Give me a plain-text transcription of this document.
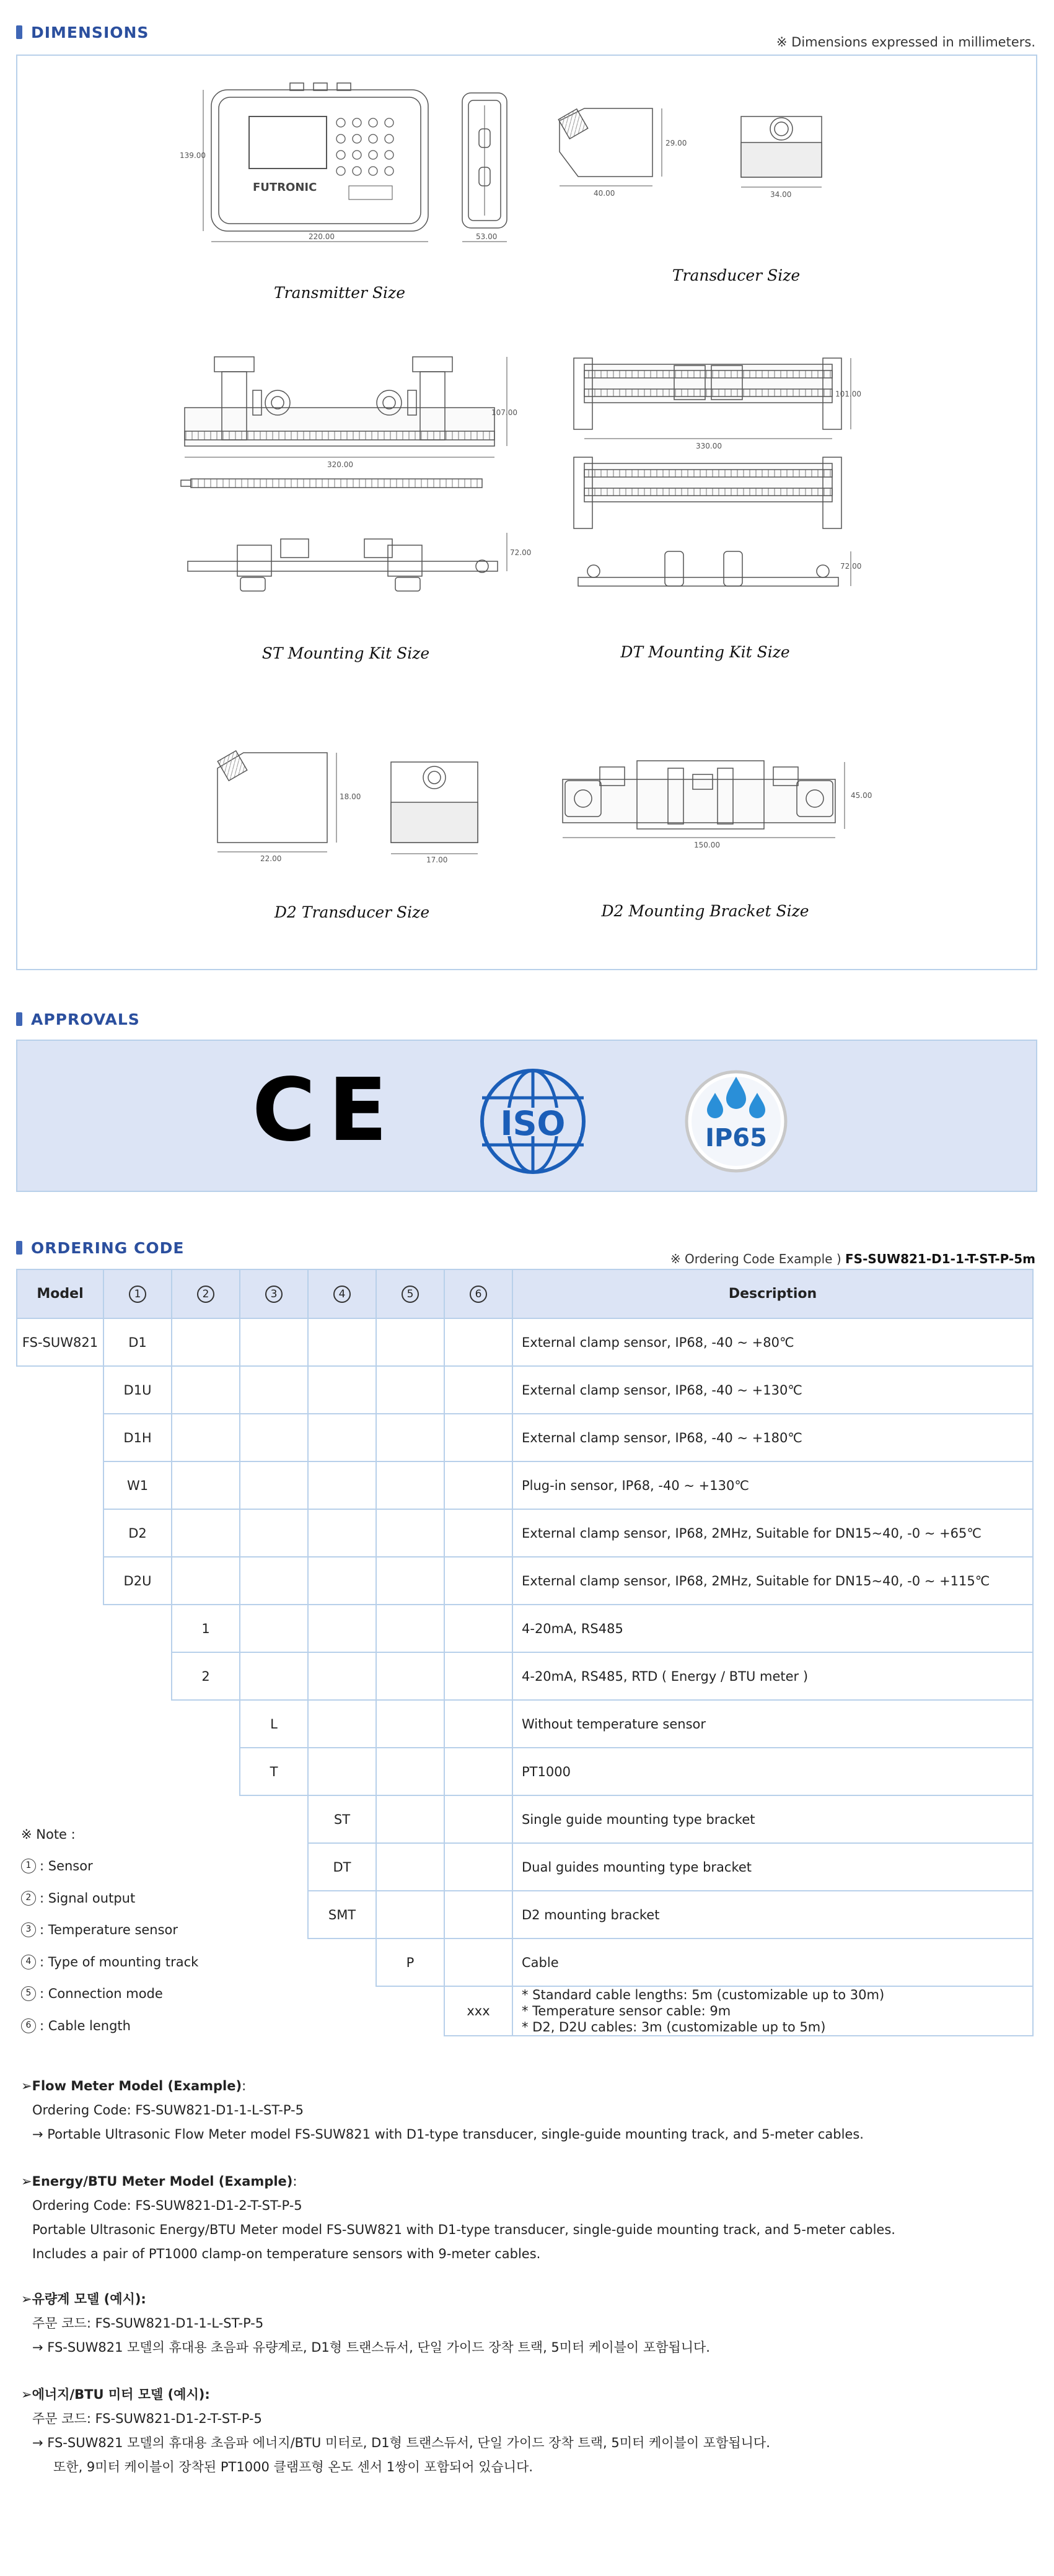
DIMENSIONS
※ Dimensions expressed in millimeters.
FUTRONIC
139.00
220.00	53.00
29.00
40.00	34.00
107.00
320.00
72.00
101.00
330.00
72.00
18.00
22.00	17.00
45.00
150.00
Transmitter Size
Transducer Size
ST Mounting Kit Size	DT Mounting Kit Size
D2 Transducer Size	D2 Mounting Bracket Size
APPROVALS
CE	ISO	IP65
ORDERING CODE
※ Ordering Code Example ) FS-SUW821-D1-1-T-ST-P-5m
Model	1	2	3	4	5	6	Description
FS-SUW821	D1						External clamp sensor, IP68, -40 ~ +80℃
	D1U						External clamp sensor, IP68, -40 ~ +130℃
	D1H						External clamp sensor, IP68, -40 ~ +180℃
	W1						Plug-in sensor, IP68, -40 ~ +130℃
	D2						External clamp sensor, IP68, 2MHz, Suitable for DN15~40, -0 ~ +65℃
	D2U						External clamp sensor, IP68, 2MHz, Suitable for DN15~40, -0 ~ +115℃
		1					4-20mA, RS485
		2					4-20mA, RS485, RTD ( Energy / BTU meter )
			L				Without temperature sensor
			T				PT1000
				ST			Single guide mounting type bracket
				DT			Dual guides mounting type bracket
				SMT			D2 mounting bracket
					P		Cable
						xxx	* Standard cable lengths: 5m (customizable up to 30m)
* Temperature sensor cable: 9m
* D2, D2U cables: 3m (customizable up to 5m)
※ Note :
1 : Sensor
2 : Signal output
3 : Temperature sensor
4 : Type of mounting track
5 : Connection mode
6 : Cable length
➢Flow Meter Model (Example):
Ordering Code: FS-SUW821-D1-1-L-ST-P-5
→ Portable Ultrasonic Flow Meter model FS-SUW821 with D1-type transducer, single-guide mounting track, and 5-meter cables.
➢Energy/BTU Meter Model (Example):
Ordering Code: FS-SUW821-D1-2-T-ST-P-5
Portable Ultrasonic Energy/BTU Meter model FS-SUW821 with D1-type transducer, single-guide mounting track, and 5-meter cables.
Includes a pair of PT1000 clamp-on temperature sensors with 9-meter cables.
➢유량계 모델 (예시):
주문 코드: FS-SUW821-D1-1-L-ST-P-5
→ FS-SUW821 모델의 휴대용 초음파 유량계로, D1형 트랜스듀서, 단일 가이드 장착 트랙, 5미터 케이블이 포함됩니다.
➢에너지/BTU 미터 모델 (예시):
주문 코드: FS-SUW821-D1-2-T-ST-P-5
→ FS-SUW821 모델의 휴대용 초음파 에너지/BTU 미터로, D1형 트랜스듀서, 단일 가이드 장착 트랙, 5미터 케이블이 포함됩니다.
또한, 9미터 케이블이 장착된 PT1000 클램프형 온도 센서 1쌍이 포함되어 있습니다.
